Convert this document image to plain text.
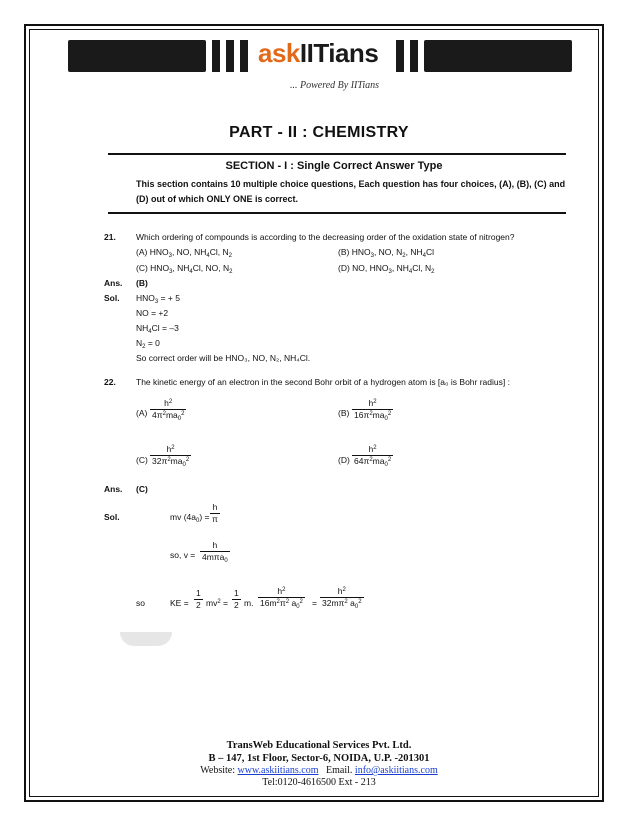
askIITians
... Powered By IITians
PART - II : CHEMISTRY
SECTION - I : Single Correct Answer Type
This section contains 10 multiple choice questions, Each question has four choices, (A), (B), (C) and (D) out of which ONLY ONE is correct.
21. Which ordering of compounds is according to the decreasing order of the oxidation state of nitrogen?
(A) $HNO_3$, NO, $NH_4Cl$, $N_2$	(B) $HNO_3$, NO, $N_2$, $NH_4Cl$
(C) $HNO_3$, $NH_4Cl$, NO, $N_2$	(D) NO, $HNO_3$, $NH_4Cl$, $N_2$
Ans. (B)
Sol. $HNO_3$ = + 5
NO = +2
$NH_4Cl = -3$
$N_2 = 0$
So correct order will be HNO₃, NO, N₂, NH₄Cl.
22. The kinetic energy of an electron in the second Bohr orbit of a hydrogen atom is [a₀ is Bohr radius] :
$(A) \frac{h^2}{4\pi^2ma_0^2}$	$(B) \frac{h^2}{16\pi^2ma_0^2}$
$(C) \frac{h^2}{32\pi^2ma_0^2}$	$(D) \frac{h^2}{64\pi^2ma_0^2}$
Ans. (C)
Sol.	mv $(4a_0) = \frac{h}{\pi}$
so, v =
h
4mπa$_0$
so	KE = $\frac{1}{2} mv^2 = \frac{1}{2} m$. $\frac{h^2}{16m^2\pi^2 a_0^2} = \frac{h^2}{32m\pi^2 a_0^2}$
TransWeb Educational Services Pvt. Ltd.
B – 147, 1st Floor, Sector-6, NOIDA, U.P. -201301
Website: www.askiitians.com Email. info@askiitians.com
Tel:0120-4616500 Ext - 213
